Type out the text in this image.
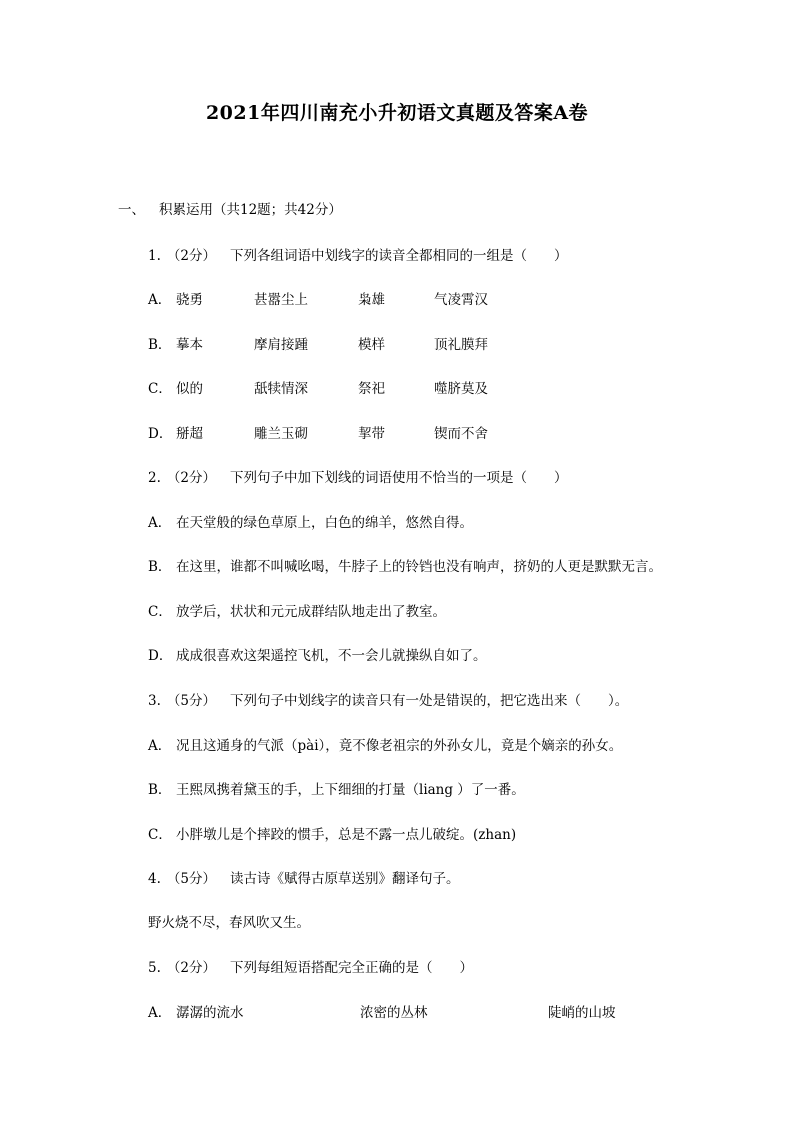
2021年四川南充小升初语文真题及答案A卷
一、 积累运用（共12题；共42分）
1. （2分） 下列各组词语中划线字的读音全都相同的一组是（　　）
A． 骁勇	甚嚣尘上	枭雄	气凌霄汉
B． 摹本	摩肩接踵	模样	顶礼膜拜
C． 似的	舐犊情深	祭祀	噬脐莫及
D． 掰超	雕兰玉砌	挈带	锲而不舍
2. （2分） 下列句子中加下划线的词语使用不恰当的一项是（　　）
A． 在天堂般的绿色草原上，白色的绵羊，悠然自得。
B． 在这里，谁都不叫喊吆喝，牛脖子上的铃铛也没有响声，挤奶的人更是默默无言。
C． 放学后，状状和元元成群结队地走出了教室。
D． 成成很喜欢这架遥控飞机，不一会儿就操纵自如了。
3. （5分） 下列句子中划线字的读音只有一处是错误的，把它选出来（　　）。
A． 况且这通身的气派（pài），竟不像老祖宗的外孙女儿，竟是个嫡亲的孙女。
B． 王熙凤携着黛玉的手，上下细细的打量（liang ）了一番。
C． 小胖墩儿是个摔跤的惯手，总是不露一点儿破绽。(zhan)
4. （5分） 读古诗《赋得古原草送别》翻译句子。
野火烧不尽，春风吹又生。
5. （2分） 下列每组短语搭配完全正确的是（　　）
A． 潺潺的流水	浓密的丛林	陡峭的山坡
